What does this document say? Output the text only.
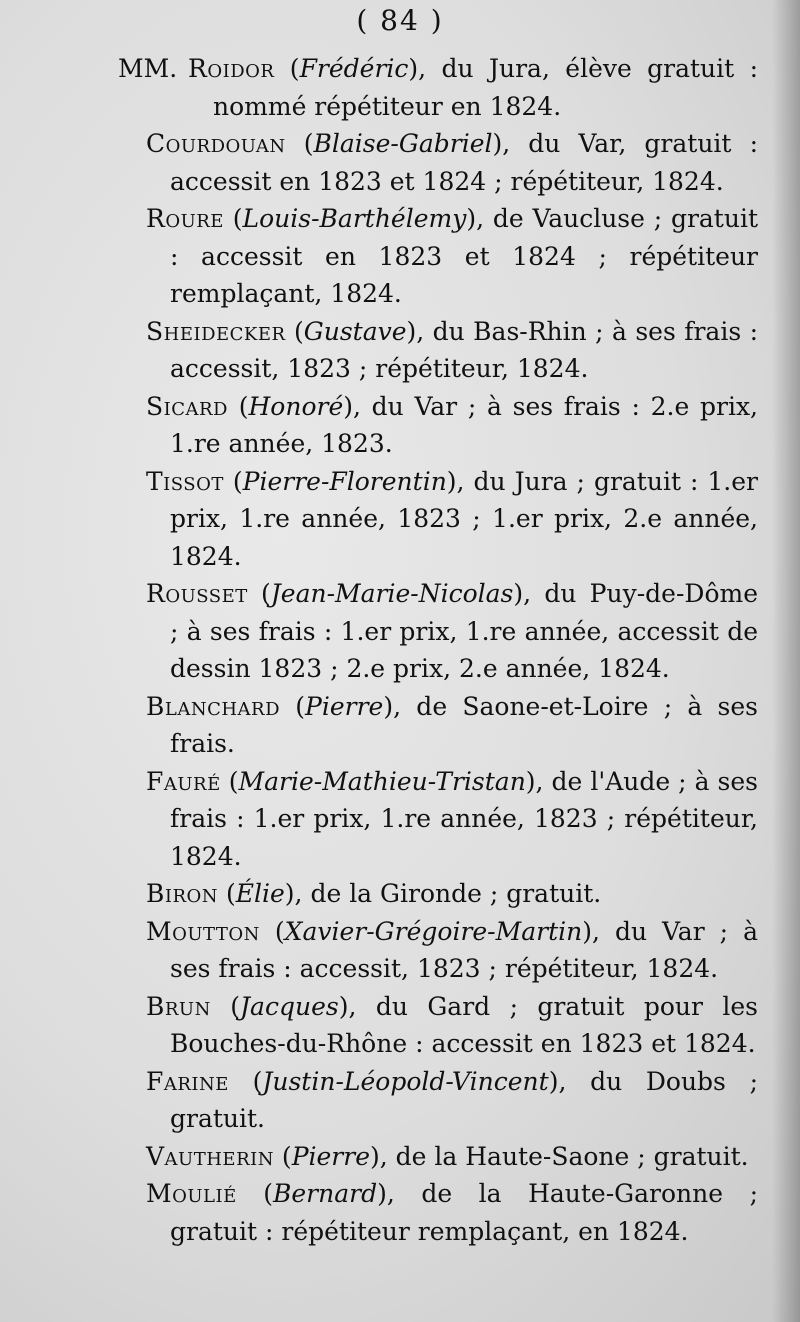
( 84 )

MM. Roidor (Frédéric), du Jura, élève gratuit : nommé répétiteur en 1824.

Courdouan (Blaise-Gabriel), du Var, gratuit : accessit en 1823 et 1824 ; répétiteur, 1824.

Roure (Louis-Barthélemy), de Vaucluse ; gratuit : accessit en 1823 et 1824 ; répétiteur remplaçant, 1824.

Sheidecker (Gustave), du Bas-Rhin ; à ses frais : accessit, 1823 ; répétiteur, 1824.

Sicard (Honoré), du Var ; à ses frais : 2.e prix, 1.re année, 1823.

Tissot (Pierre-Florentin), du Jura ; gratuit : 1.er prix, 1.re année, 1823 ; 1.er prix, 2.e année, 1824.

Rousset (Jean-Marie-Nicolas), du Puy-de-Dôme ; à ses frais : 1.er prix, 1.re année, accessit de dessin 1823 ; 2.e prix, 2.e année, 1824.

Blanchard (Pierre), de Saone-et-Loire ; à ses frais.

Fauré (Marie-Mathieu-Tristan), de l'Aude ; à ses frais : 1.er prix, 1.re année, 1823 ; répétiteur, 1824.

Biron (Élie), de la Gironde ; gratuit.

Moutton (Xavier-Grégoire-Martin), du Var ; à ses frais : accessit, 1823 ; répétiteur, 1824.

Brun (Jacques), du Gard ; gratuit pour les Bouches-du-Rhône : accessit en 1823 et 1824.

Farine (Justin-Léopold-Vincent), du Doubs ; gratuit.

Vautherin (Pierre), de la Haute-Saone ; gratuit.

Moulié (Bernard), de la Haute-Garonne ; gratuit : répétiteur remplaçant, en 1824.
